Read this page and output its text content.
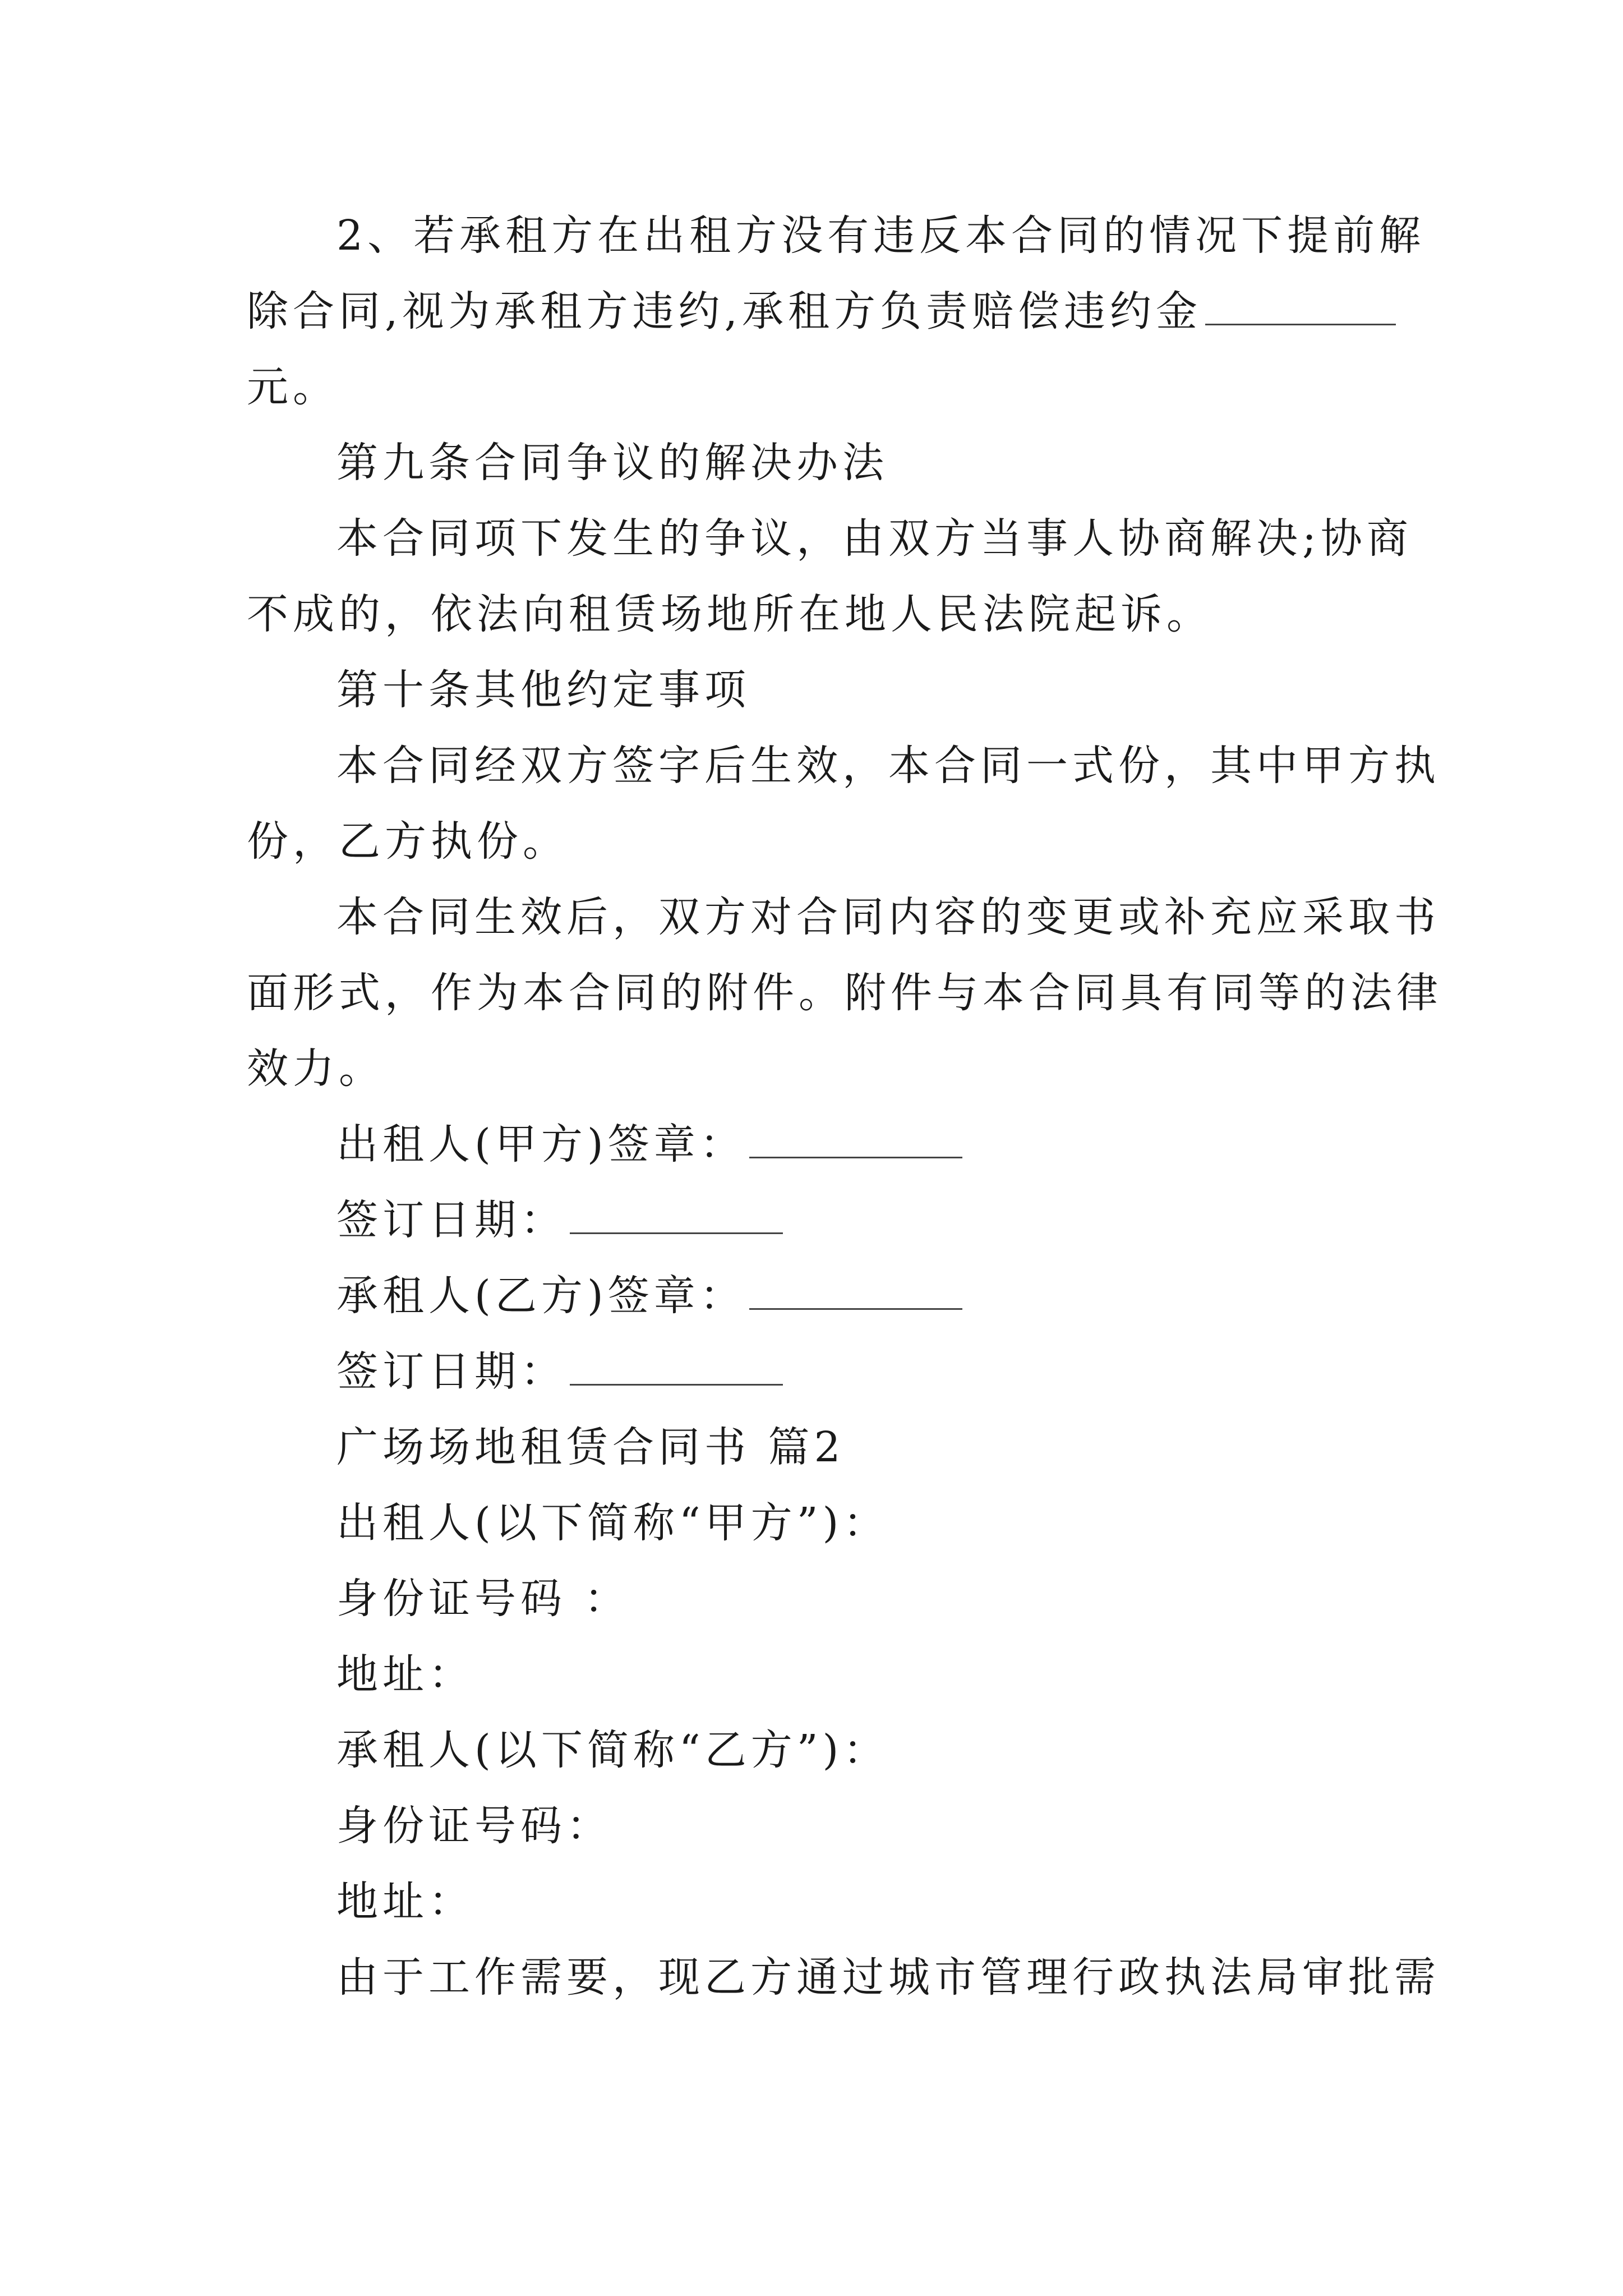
2、若承租方在出租方没有违反本合同的情况下提前解
除合同,视为承租方违约,承租方负责赔偿违约金
元。
第九条合同争议的解决办法
本合同项下发生的争议，由双方当事人协商解决;协商
不成的，依法向租赁场地所在地人民法院起诉。
第十条其他约定事项
本合同经双方签字后生效，本合同一式份，其中甲方执
份，乙方执份。
本合同生效后，双方对合同内容的变更或补充应采取书
面形式，作为本合同的附件。附件与本合同具有同等的法律
效力。
出租人(甲方)签章：
签订日期：
承租人(乙方)签章：
签订日期：
广场场地租赁合同书 篇2
出租人(以下简称“甲方”)：
身份证号码 ：
地址：
承租人(以下简称“乙方”)：
身份证号码：
地址：
由于工作需要，现乙方通过城市管理行政执法局审批需
